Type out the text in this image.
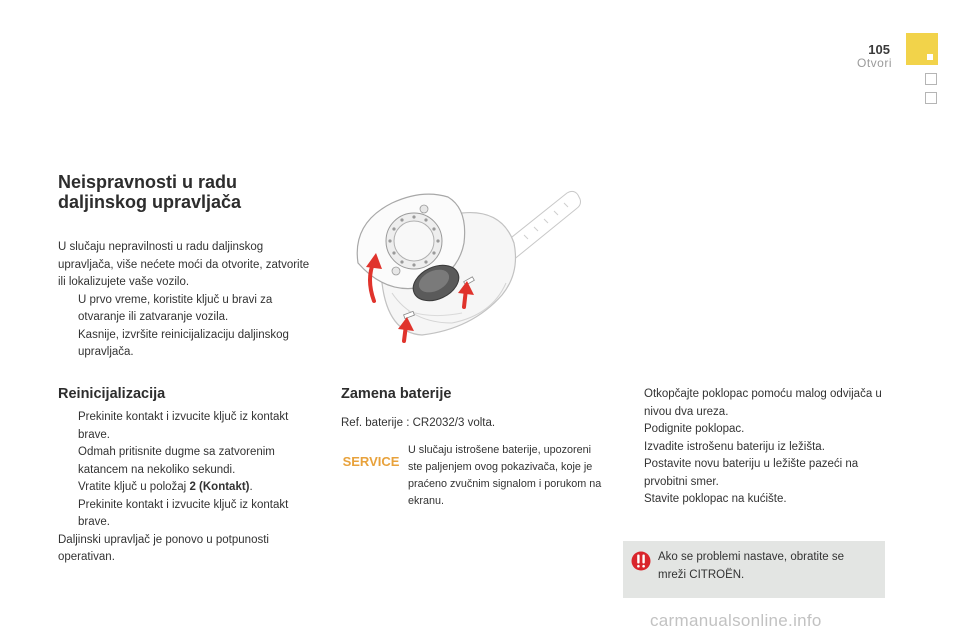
105
Otvori
Neispravnosti u radu
daljinskog upravljača

U slučaju nepravilnosti u radu daljinskog upravljača, više nećete moći da otvorite, zatvorite ili lokalizujete vaše vozilo.

U prvo vreme, koristite ključ u bravi za otvaranje ili zatvaranje vozila.
Kasnije, izvršite reinicijalizaciju daljinskog upravljača.
Reinicijalizacija
Prekinite kontakt i izvucite ključ iz kontakt brave.
Odmah pritisnite dugme sa zatvorenim katancem na nekoliko sekundi.
Vratite ključ u položaj 2 (Kontakt).
Prekinite kontakt i izvucite ključ iz kontakt brave.

Daljinski upravljač je ponovo u potpunosti operativan.

Zamena baterije
Ref. baterije : CR2032/3 volta.
SERVICE
U slučaju istrošene baterije, upozoreni ste paljenjem ovog pokazivača, koje je praćeno zvučnim signalom i porukom na ekranu.
Otkopčajte poklopac pomoću malog odvijača u nivou dva ureza.
Podignite poklopac.
Izvadite istrošenu bateriju iz ležišta.
Postavite novu bateriju u ležište pazeći na prvobitni smer.
Stavite poklopac na kućište.
Ako se problemi nastave, obratite se mreži CITROËN.
carmanualsonline.info
